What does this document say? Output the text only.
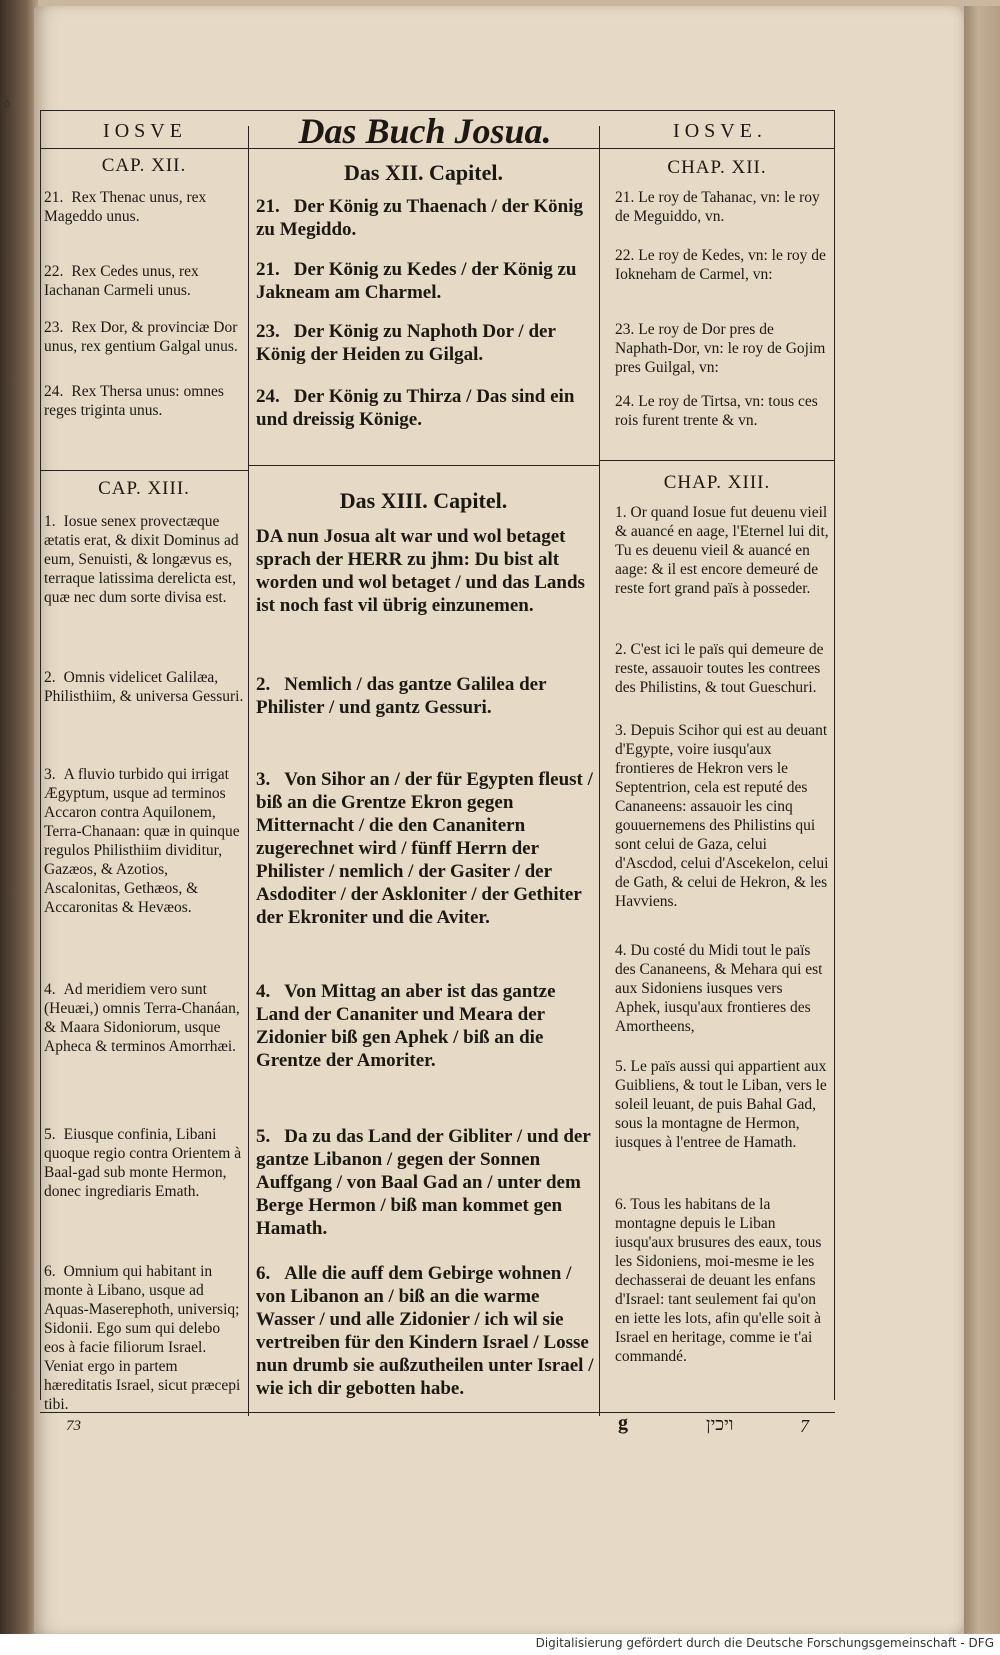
ꝺ
IOSVE	Das Buch Josua.	IOSVE.
CAP. XII.
21. Rex Thenac unus, rex Mageddo unus.
22. Rex Cedes unus, rex Iachanan Carmeli unus.
23. Rex Dor, & provinciæ Dor unus, rex gentium Galgal unus.
24. Rex Thersa unus: omnes reges triginta unus.
CAP. XIII.
1. Iosue senex provectæque ætatis erat, & dixit Dominus ad eum, Senuisti, & longævus es, terraque latissima derelicta est, quæ nec dum sorte divisa est.
2. Omnis videlicet Galilæa, Philisthiim, & universa Gessuri.
3. A fluvio turbido qui irrigat Ægyptum, usque ad terminos Accaron contra Aquilonem, Terra-Chanaan: quæ in quinque regulos Philisthiim dividitur, Gazæos, & Azotios, Ascalonitas, Gethæos, & Accaronitas & Hevæos.
4. Ad meridiem vero sunt (Heuæi,) omnis Terra-Chanáan, & Maara Sidoniorum, usque Apheca & terminos Amorrhæi.
5. Eiusque confinia, Libani quoque regio contra Orientem à Baal-gad sub monte Hermon, donec ingrediaris Emath.
6. Omnium qui habitant in monte à Libano, usque ad Aquas-Maserephoth, universiq; Sidonii. Ego sum qui delebo eos à facie filiorum Israel. Veniat ergo in partem hæreditatis Israel, sicut præcepi tibi.
Das XII. Capitel.
21. Der König zu Thaenach / der König zu Megiddo.
21. Der König zu Kedes / der König zu Jakneam am Charmel.
23. Der König zu Naphoth Dor / der König der Heiden zu Gilgal.
24. Der König zu Thirza / Das sind ein und dreissig Könige.
Das XIII. Capitel.
DA nun Josua alt war und wol betaget sprach der HERR zu jhm: Du bist alt worden und wol betaget / und das Lands ist noch fast vil übrig einzunemen.
2. Nemlich / das gantze Galilea der Philister / und gantz Gessuri.
3. Von Sihor an / der für Egypten fleust / biß an die Grentze Ekron gegen Mitternacht / die den Cananitern zugerechnet wird / fünff Herrn der Philister / nemlich / der Gasiter / der Asdoditer / der Askloniter / der Gethiter der Ekroniter und die Aviter.
4. Von Mittag an aber ist das gantze Land der Cananiter und Meara der Zidonier biß gen Aphek / biß an die Grentze der Amoriter.
5. Da zu das Land der Gibliter / und der gantze Libanon / gegen der Sonnen Auffgang / von Baal Gad an / unter dem Berge Hermon / biß man kommet gen Hamath.
6. Alle die auff dem Gebirge wohnen / von Libanon an / biß an die warme Wasser / und alle Zidonier / ich wil sie vertreiben für den Kindern Israel / Losse nun drumb sie außzutheilen unter Israel / wie ich dir gebotten habe.
CHAP. XII.
21. Le roy de Tahanac, vn: le roy de Meguiddo, vn.
22. Le roy de Kedes, vn: le roy de Iokneham de Carmel, vn:
23. Le roy de Dor pres de Naphath-Dor, vn: le roy de Gojim pres Guilgal, vn:
24. Le roy de Tirtsa, vn: tous ces rois furent trente & vn.
CHAP. XIII.
1. Or quand Iosue fut deuenu vieil & auancé en aage, l'Eternel lui dit, Tu es deuenu vieil & auancé en aage: & il est encore demeuré de reste fort grand païs à posseder.
2. C'est ici le païs qui demeure de reste, assauoir toutes les contrees des Philistins, & tout Gueschuri.
3. Depuis Scihor qui est au deuant d'Egypte, voire iusqu'aux frontieres de Hekron vers le Septentrion, cela est reputé des Cananeens: assauoir les cinq gouuernemens des Philistins qui sont celui de Gaza, celui d'Ascdod, celui d'Ascekelon, celui de Gath, & celui de Hekron, & les Havviens.
4. Du costé du Midi tout le païs des Cananeens, & Mehara qui est aux Sidoniens iusques vers Aphek, iusqu'aux frontieres des Amortheens,
5. Le païs aussi qui appartient aux Guibliens, & tout le Liban, vers le soleil leuant, de puis Bahal Gad, sous la montagne de Hermon, iusques à l'entree de Hamath.
6. Tous les habitans de la montagne depuis le Liban iusqu'aux brusures des eaux, tous les Sidoniens, moi-mesme ie les dechasserai de deuant les enfans d'Israel: tant seulement fai qu'on en iette les lots, afin qu'elle soit à Israel en heritage, comme ie t'ai commandé.
73	g	ויכין	7
Digitalisierung gefördert durch die Deutsche Forschungsgemeinschaft - DFG
